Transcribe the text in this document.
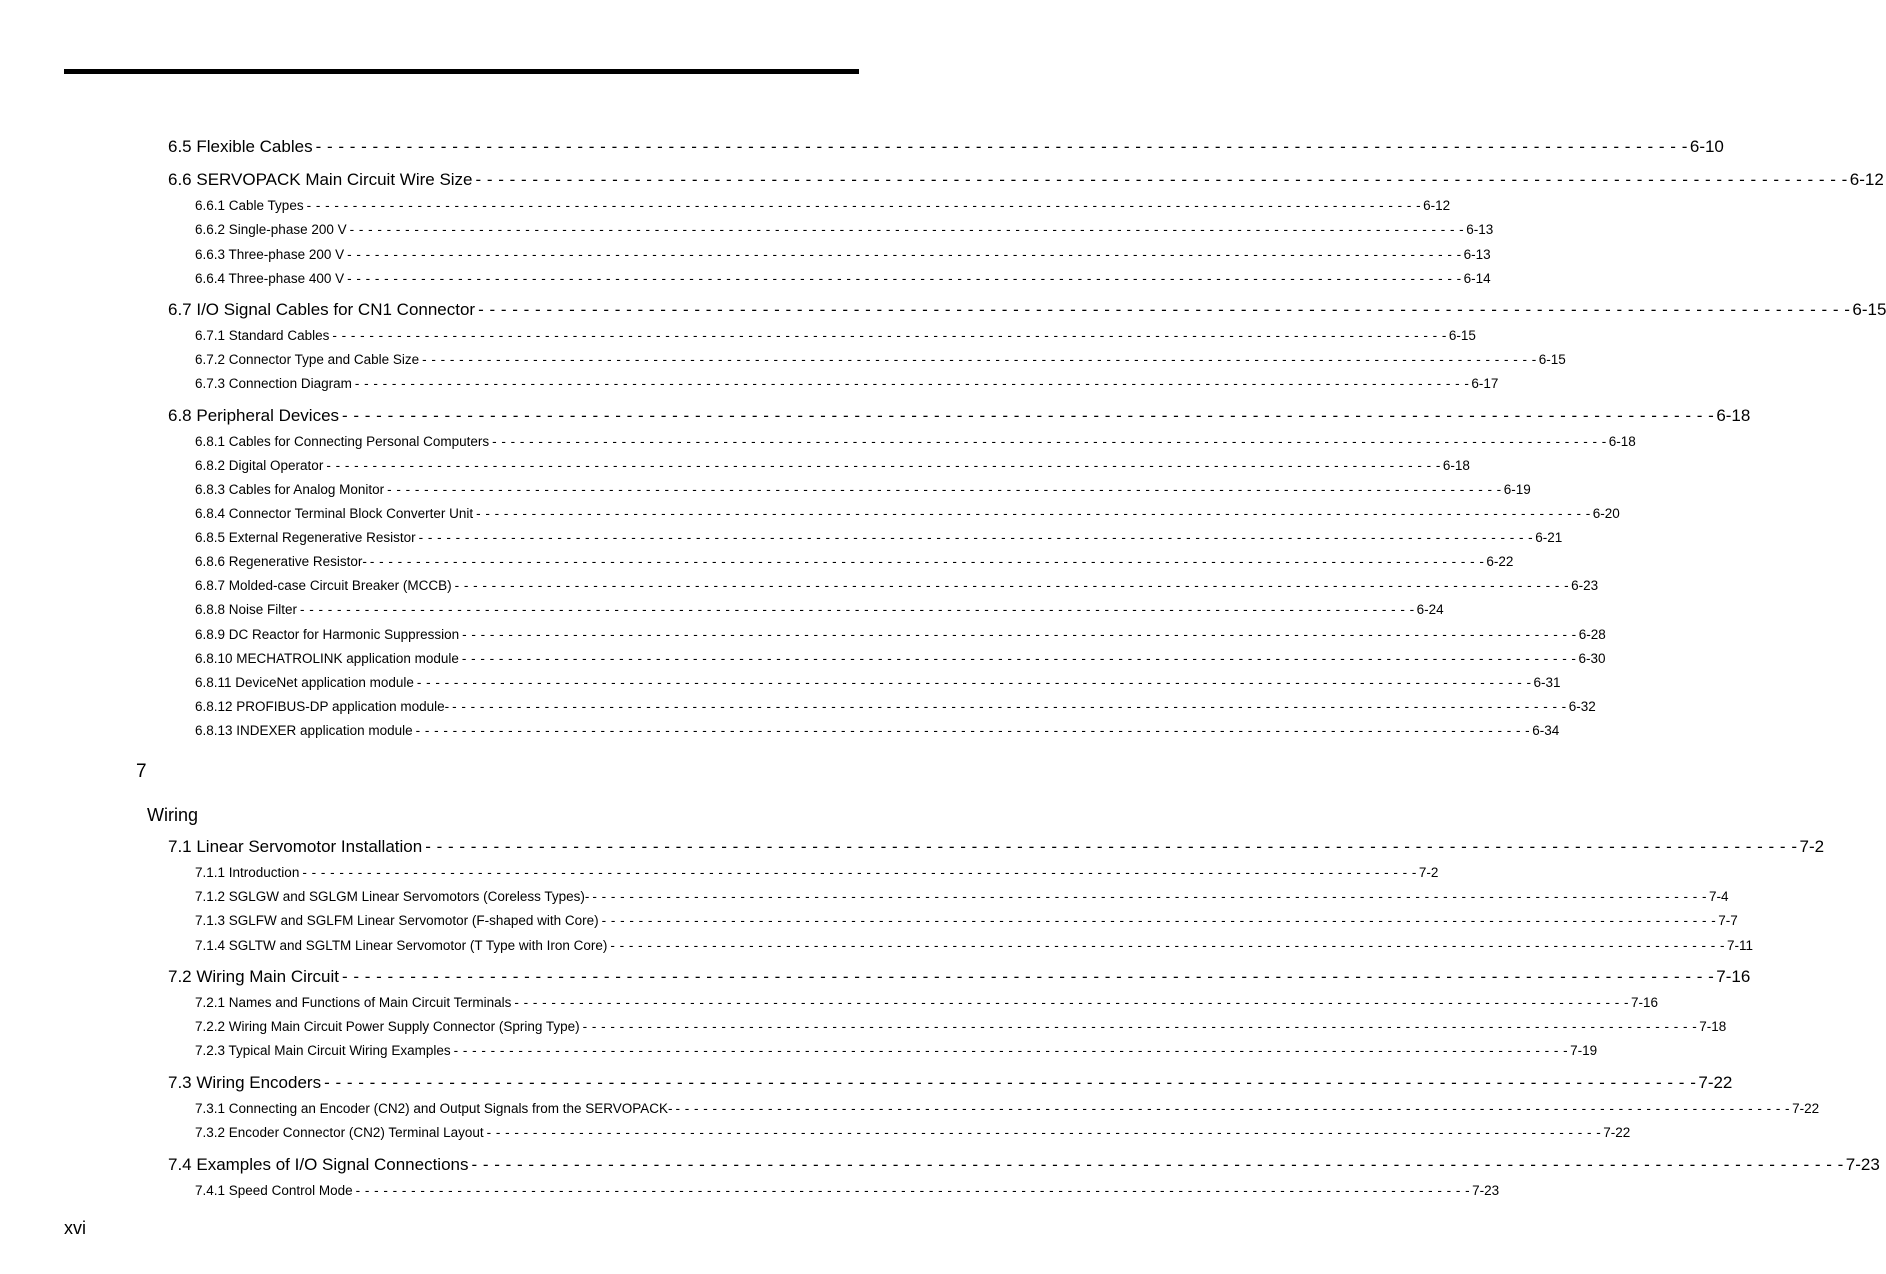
6.5 Flexible Cables - - - - - - - - - - - - - - - - - - - - - - - - - - - - - - - - - - - - - - - - - - - - - - - - - - - - - - - - - - - - - - - - - - - - - - - - - - - - - - - - - - - - - - - - - - - - - - - - - - - - - - - - - - - - - - - - - - - - - - - - - 6-10
6.6 SERVOPACK Main Circuit Wire Size - - - - - - - - - - - - - - - - - - - - - - - - - - - - - - - - - - - - - - - - - - - - - - - - - - - - - - - - - - - - - - - - - - - - - - - - - - - - - - - - - - - - - - - - - - - - - - - - - - - - - - - - - - - - - - - - - - - - - - - - - 6-12
6.6.1 Cable Types - - - - - - - - - - - - - - - - - - - - - - - - - - - - - - - - - - - - - - - - - - - - - - - - - - - - - - - - - - - - - - - - - - - - - - - - - - - - - - - - - - - - - - - - - - - - - - - - - - - - - - - - - - - - - - - - - - - - - - - - - 6-12
6.6.2 Single-phase 200 V - - - - - - - - - - - - - - - - - - - - - - - - - - - - - - - - - - - - - - - - - - - - - - - - - - - - - - - - - - - - - - - - - - - - - - - - - - - - - - - - - - - - - - - - - - - - - - - - - - - - - - - - - - - - - - - - - - - - - - - - - 6-13
6.6.3 Three-phase 200 V - - - - - - - - - - - - - - - - - - - - - - - - - - - - - - - - - - - - - - - - - - - - - - - - - - - - - - - - - - - - - - - - - - - - - - - - - - - - - - - - - - - - - - - - - - - - - - - - - - - - - - - - - - - - - - - - - - - - - - - - - 6-13
6.6.4 Three-phase 400 V - - - - - - - - - - - - - - - - - - - - - - - - - - - - - - - - - - - - - - - - - - - - - - - - - - - - - - - - - - - - - - - - - - - - - - - - - - - - - - - - - - - - - - - - - - - - - - - - - - - - - - - - - - - - - - - - - - - - - - - - - 6-14
6.7 I/O Signal Cables for CN1 Connector - - - - - - - - - - - - - - - - - - - - - - - - - - - - - - - - - - - - - - - - - - - - - - - - - - - - - - - - - - - - - - - - - - - - - - - - - - - - - - - - - - - - - - - - - - - - - - - - - - - - - - - - - - - - - - - - - - - - - - - - - 6-15
6.7.1 Standard Cables - - - - - - - - - - - - - - - - - - - - - - - - - - - - - - - - - - - - - - - - - - - - - - - - - - - - - - - - - - - - - - - - - - - - - - - - - - - - - - - - - - - - - - - - - - - - - - - - - - - - - - - - - - - - - - - - - - - - - - - - - 6-15
6.7.2 Connector Type and Cable Size - - - - - - - - - - - - - - - - - - - - - - - - - - - - - - - - - - - - - - - - - - - - - - - - - - - - - - - - - - - - - - - - - - - - - - - - - - - - - - - - - - - - - - - - - - - - - - - - - - - - - - - - - - - - - - - - - - - - - - - - - 6-15
6.7.3 Connection Diagram - - - - - - - - - - - - - - - - - - - - - - - - - - - - - - - - - - - - - - - - - - - - - - - - - - - - - - - - - - - - - - - - - - - - - - - - - - - - - - - - - - - - - - - - - - - - - - - - - - - - - - - - - - - - - - - - - - - - - - - - - 6-17
6.8 Peripheral Devices - - - - - - - - - - - - - - - - - - - - - - - - - - - - - - - - - - - - - - - - - - - - - - - - - - - - - - - - - - - - - - - - - - - - - - - - - - - - - - - - - - - - - - - - - - - - - - - - - - - - - - - - - - - - - - - - - - - - - - - - - 6-18
6.8.1 Cables for Connecting Personal Computers - - - - - - - - - - - - - - - - - - - - - - - - - - - - - - - - - - - - - - - - - - - - - - - - - - - - - - - - - - - - - - - - - - - - - - - - - - - - - - - - - - - - - - - - - - - - - - - - - - - - - - - - - - - - - - - - - - - - - - - - - 6-18
6.8.2 Digital Operator - - - - - - - - - - - - - - - - - - - - - - - - - - - - - - - - - - - - - - - - - - - - - - - - - - - - - - - - - - - - - - - - - - - - - - - - - - - - - - - - - - - - - - - - - - - - - - - - - - - - - - - - - - - - - - - - - - - - - - - - - 6-18
6.8.3 Cables for Analog Monitor - - - - - - - - - - - - - - - - - - - - - - - - - - - - - - - - - - - - - - - - - - - - - - - - - - - - - - - - - - - - - - - - - - - - - - - - - - - - - - - - - - - - - - - - - - - - - - - - - - - - - - - - - - - - - - - - - - - - - - - - - 6-19
6.8.4 Connector Terminal Block Converter Unit - - - - - - - - - - - - - - - - - - - - - - - - - - - - - - - - - - - - - - - - - - - - - - - - - - - - - - - - - - - - - - - - - - - - - - - - - - - - - - - - - - - - - - - - - - - - - - - - - - - - - - - - - - - - - - - - - - - - - - - - - 6-20
6.8.5 External Regenerative Resistor - - - - - - - - - - - - - - - - - - - - - - - - - - - - - - - - - - - - - - - - - - - - - - - - - - - - - - - - - - - - - - - - - - - - - - - - - - - - - - - - - - - - - - - - - - - - - - - - - - - - - - - - - - - - - - - - - - - - - - - - - 6-21
6.8.6 Regenerative Resistor- - - - - - - - - - - - - - - - - - - - - - - - - - - - - - - - - - - - - - - - - - - - - - - - - - - - - - - - - - - - - - - - - - - - - - - - - - - - - - - - - - - - - - - - - - - - - - - - - - - - - - - - - - - - - - - - - - - - - - - - - - 6-22
6.8.7 Molded-case Circuit Breaker (MCCB) - - - - - - - - - - - - - - - - - - - - - - - - - - - - - - - - - - - - - - - - - - - - - - - - - - - - - - - - - - - - - - - - - - - - - - - - - - - - - - - - - - - - - - - - - - - - - - - - - - - - - - - - - - - - - - - - - - - - - - - - - 6-23
6.8.8 Noise Filter - - - - - - - - - - - - - - - - - - - - - - - - - - - - - - - - - - - - - - - - - - - - - - - - - - - - - - - - - - - - - - - - - - - - - - - - - - - - - - - - - - - - - - - - - - - - - - - - - - - - - - - - - - - - - - - - - - - - - - - - - 6-24
6.8.9 DC Reactor for Harmonic Suppression - - - - - - - - - - - - - - - - - - - - - - - - - - - - - - - - - - - - - - - - - - - - - - - - - - - - - - - - - - - - - - - - - - - - - - - - - - - - - - - - - - - - - - - - - - - - - - - - - - - - - - - - - - - - - - - - - - - - - - - - - 6-28
6.8.10 MECHATROLINK application module - - - - - - - - - - - - - - - - - - - - - - - - - - - - - - - - - - - - - - - - - - - - - - - - - - - - - - - - - - - - - - - - - - - - - - - - - - - - - - - - - - - - - - - - - - - - - - - - - - - - - - - - - - - - - - - - - - - - - - - - - 6-30
6.8.11 DeviceNet application module - - - - - - - - - - - - - - - - - - - - - - - - - - - - - - - - - - - - - - - - - - - - - - - - - - - - - - - - - - - - - - - - - - - - - - - - - - - - - - - - - - - - - - - - - - - - - - - - - - - - - - - - - - - - - - - - - - - - - - - - - 6-31
6.8.12 PROFIBUS-DP application module- - - - - - - - - - - - - - - - - - - - - - - - - - - - - - - - - - - - - - - - - - - - - - - - - - - - - - - - - - - - - - - - - - - - - - - - - - - - - - - - - - - - - - - - - - - - - - - - - - - - - - - - - - - - - - - - - - - - - - - - - - 6-32
6.8.13 INDEXER application module - - - - - - - - - - - - - - - - - - - - - - - - - - - - - - - - - - - - - - - - - - - - - - - - - - - - - - - - - - - - - - - - - - - - - - - - - - - - - - - - - - - - - - - - - - - - - - - - - - - - - - - - - - - - - - - - - - - - - - - - - 6-34
7
Wiring
7.1 Linear Servomotor Installation - - - - - - - - - - - - - - - - - - - - - - - - - - - - - - - - - - - - - - - - - - - - - - - - - - - - - - - - - - - - - - - - - - - - - - - - - - - - - - - - - - - - - - - - - - - - - - - - - - - - - - - - - - - - - - - - - - - - - - - - - 7-2
7.1.1 Introduction - - - - - - - - - - - - - - - - - - - - - - - - - - - - - - - - - - - - - - - - - - - - - - - - - - - - - - - - - - - - - - - - - - - - - - - - - - - - - - - - - - - - - - - - - - - - - - - - - - - - - - - - - - - - - - - - - - - - - - - - - 7-2
7.1.2 SGLGW and SGLGM Linear Servomotors (Coreless Types)- - - - - - - - - - - - - - - - - - - - - - - - - - - - - - - - - - - - - - - - - - - - - - - - - - - - - - - - - - - - - - - - - - - - - - - - - - - - - - - - - - - - - - - - - - - - - - - - - - - - - - - - - - - - - - - - - - - - - - - - - - 7-4
7.1.3 SGLFW and SGLFM Linear Servomotor (F-shaped with Core) - - - - - - - - - - - - - - - - - - - - - - - - - - - - - - - - - - - - - - - - - - - - - - - - - - - - - - - - - - - - - - - - - - - - - - - - - - - - - - - - - - - - - - - - - - - - - - - - - - - - - - - - - - - - - - - - - - - - - - - - - 7-7
7.1.4 SGLTW and SGLTM Linear Servomotor (T Type with Iron Core) - - - - - - - - - - - - - - - - - - - - - - - - - - - - - - - - - - - - - - - - - - - - - - - - - - - - - - - - - - - - - - - - - - - - - - - - - - - - - - - - - - - - - - - - - - - - - - - - - - - - - - - - - - - - - - - - - - - - - - - - - 7-11
7.2 Wiring Main Circuit - - - - - - - - - - - - - - - - - - - - - - - - - - - - - - - - - - - - - - - - - - - - - - - - - - - - - - - - - - - - - - - - - - - - - - - - - - - - - - - - - - - - - - - - - - - - - - - - - - - - - - - - - - - - - - - - - - - - - - - - - 7-16
7.2.1 Names and Functions of Main Circuit Terminals - - - - - - - - - - - - - - - - - - - - - - - - - - - - - - - - - - - - - - - - - - - - - - - - - - - - - - - - - - - - - - - - - - - - - - - - - - - - - - - - - - - - - - - - - - - - - - - - - - - - - - - - - - - - - - - - - - - - - - - - - 7-16
7.2.2 Wiring Main Circuit Power Supply Connector (Spring Type) - - - - - - - - - - - - - - - - - - - - - - - - - - - - - - - - - - - - - - - - - - - - - - - - - - - - - - - - - - - - - - - - - - - - - - - - - - - - - - - - - - - - - - - - - - - - - - - - - - - - - - - - - - - - - - - - - - - - - - - - - 7-18
7.2.3 Typical Main Circuit Wiring Examples - - - - - - - - - - - - - - - - - - - - - - - - - - - - - - - - - - - - - - - - - - - - - - - - - - - - - - - - - - - - - - - - - - - - - - - - - - - - - - - - - - - - - - - - - - - - - - - - - - - - - - - - - - - - - - - - - - - - - - - - - 7-19
7.3 Wiring Encoders - - - - - - - - - - - - - - - - - - - - - - - - - - - - - - - - - - - - - - - - - - - - - - - - - - - - - - - - - - - - - - - - - - - - - - - - - - - - - - - - - - - - - - - - - - - - - - - - - - - - - - - - - - - - - - - - - - - - - - - - - 7-22
7.3.1 Connecting an Encoder (CN2) and Output Signals from the SERVOPACK- - - - - - - - - - - - - - - - - - - - - - - - - - - - - - - - - - - - - - - - - - - - - - - - - - - - - - - - - - - - - - - - - - - - - - - - - - - - - - - - - - - - - - - - - - - - - - - - - - - - - - - - - - - - - - - - - - - - - - - - - - 7-22
7.3.2 Encoder Connector (CN2) Terminal Layout - - - - - - - - - - - - - - - - - - - - - - - - - - - - - - - - - - - - - - - - - - - - - - - - - - - - - - - - - - - - - - - - - - - - - - - - - - - - - - - - - - - - - - - - - - - - - - - - - - - - - - - - - - - - - - - - - - - - - - - - - 7-22
7.4 Examples of I/O Signal Connections - - - - - - - - - - - - - - - - - - - - - - - - - - - - - - - - - - - - - - - - - - - - - - - - - - - - - - - - - - - - - - - - - - - - - - - - - - - - - - - - - - - - - - - - - - - - - - - - - - - - - - - - - - - - - - - - - - - - - - - - - 7-23
7.4.1 Speed Control Mode - - - - - - - - - - - - - - - - - - - - - - - - - - - - - - - - - - - - - - - - - - - - - - - - - - - - - - - - - - - - - - - - - - - - - - - - - - - - - - - - - - - - - - - - - - - - - - - - - - - - - - - - - - - - - - - - - - - - - - - - - 7-23
xvi
